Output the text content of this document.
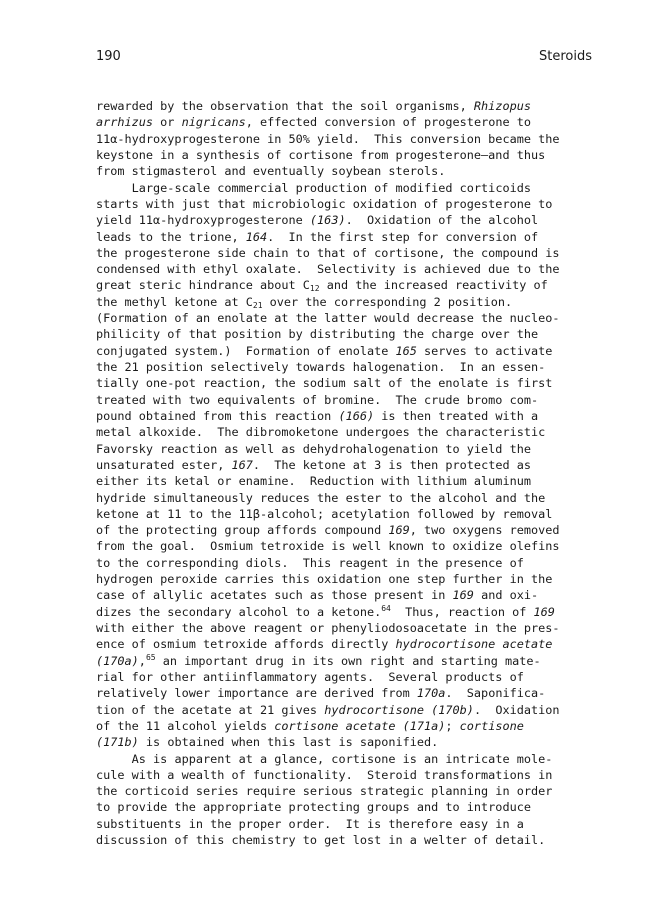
190	Steroids
rewarded by the observation that the soil organisms, Rhizopus
arrhizus or nigricans, effected conversion of progesterone to
11α-hydroxyprogesterone in 50% yield.  This conversion became the
keystone in a synthesis of cortisone from progesterone—and thus
from stigmasterol and eventually soybean sterols.
Large-scale commercial production of modified corticoids
starts with just that microbiologic oxidation of progesterone to
yield 11α-hydroxyprogesterone (163).  Oxidation of the alcohol
leads to the trione, 164.  In the first step for conversion of
the progesterone side chain to that of cortisone, the compound is
condensed with ethyl oxalate.  Selectivity is achieved due to the
great steric hindrance about $C_{12}$ and the increased reactivity of
the methyl ketone at $C_{21}$ over the corresponding 2 position.
(Formation of an enolate at the latter would decrease the nucleo-
philicity of that position by distributing the charge over the
conjugated system.)  Formation of enolate 165 serves to activate
the 21 position selectively towards halogenation.  In an essen-
tially one-pot reaction, the sodium salt of the enolate is first
treated with two equivalents of bromine.  The crude bromo com-
pound obtained from this reaction (166) is then treated with a
metal alkoxide.  The dibromoketone undergoes the characteristic
Favorsky reaction as well as dehydrohalogenation to yield the
unsaturated ester, 167.  The ketone at 3 is then protected as
either its ketal or enamine.  Reduction with lithium aluminum
hydride simultaneously reduces the ester to the alcohol and the
ketone at 11 to the 11β-alcohol; acetylation followed by removal
of the protecting group affords compound 169, two oxygens removed
from the goal.  Osmium tetroxide is well known to oxidize olefins
to the corresponding diols.  This reagent in the presence of
hydrogen peroxide carries this oxidation one step further in the
case of allylic acetates such as those present in 169 and oxi-
dizes the secondary alcohol to a ketone.$^{64}$  Thus, reaction of 169
with either the above reagent or phenyliodosoacetate in the pres-
ence of osmium tetroxide affords directly hydrocortisone acetate
(170a),$^{65}$ an important drug in its own right and starting mate-
rial for other antiinflammatory agents.  Several products of
relatively lower importance are derived from 170a.  Saponifica-
tion of the acetate at 21 gives hydrocortisone (170b).  Oxidation
of the 11 alcohol yields cortisone acetate (171a); cortisone
(171b) is obtained when this last is saponified.
As is apparent at a glance, cortisone is an intricate mole-
cule with a wealth of functionality.  Steroid transformations in
the corticoid series require serious strategic planning in order
to provide the appropriate protecting groups and to introduce
substituents in the proper order.  It is therefore easy in a
discussion of this chemistry to get lost in a welter of detail.
